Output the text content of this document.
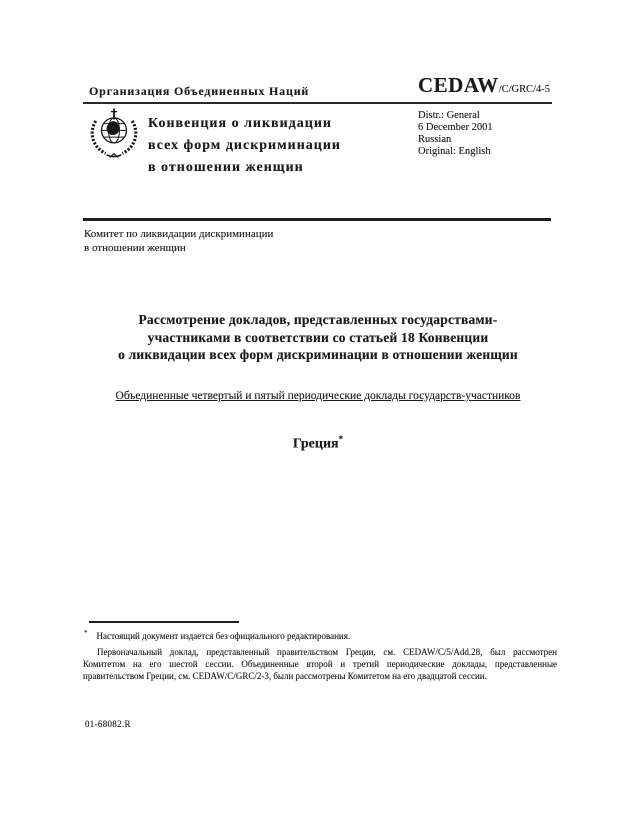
Организация Объединенных Наций	CEDAW/C/GRC/4-5
Конвенция о ликвидации
всех форм дискриминации
в отношении женщин
Distr.: General
6 December 2001
Russian
Original: English
Комитет по ликвидации дискриминации
в отношении женщин
Рассмотрение докладов, представленных государствами-
участниками в соответствии со статьей 18 Конвенции
о ликвидации всех форм дискриминации в отношении женщин
Объединенные четвертый и пятый периодические доклады государств-участников
Греция*
* Настоящий документ издается без официального редактирования.
Первоначальный доклад, представленный правительством Греции, см. CEDAW/C/5/Add.28, был рассмотрен Комитетом на его шестой сессии. Объединенные второй и третий периодические доклады, представленные правительством Греции, см. CEDAW/C/GRC/2-3, были рассмотрены Комитетом на его двадцатой сессии.
01-68082.R
